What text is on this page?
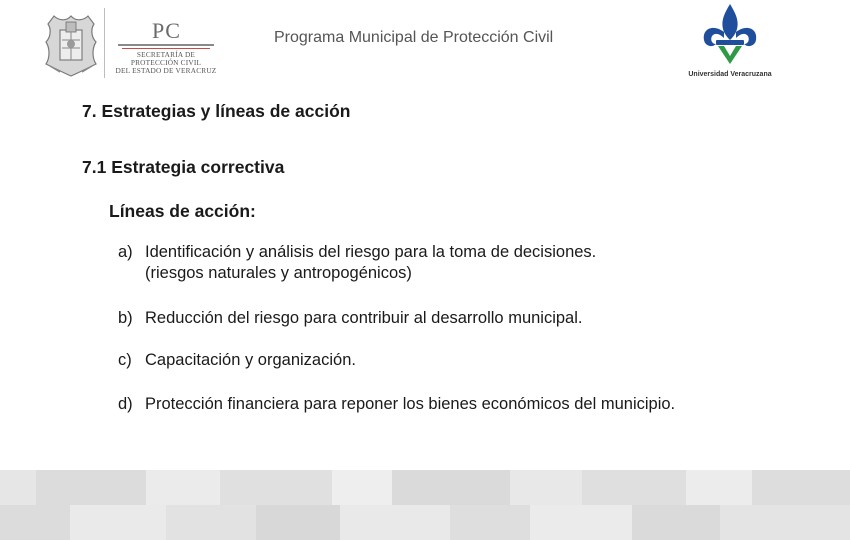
PC
SECRETARÍA DE
PROTECCIÓN CIVIL
DEL ESTADO DE VERACRUZ
Programa Municipal de Protección Civil
Universidad Veracruzana
7. Estrategias y líneas de acción
7.1 Estrategia correctiva
Líneas de acción:
a) Identificación y análisis del riesgo para la toma de decisiones.
(riesgos naturales y antropogénicos)
b) Reducción del riesgo para contribuir al desarrollo municipal.
c) Capacitación y organización.
d) Protección financiera para reponer los bienes económicos del municipio.
